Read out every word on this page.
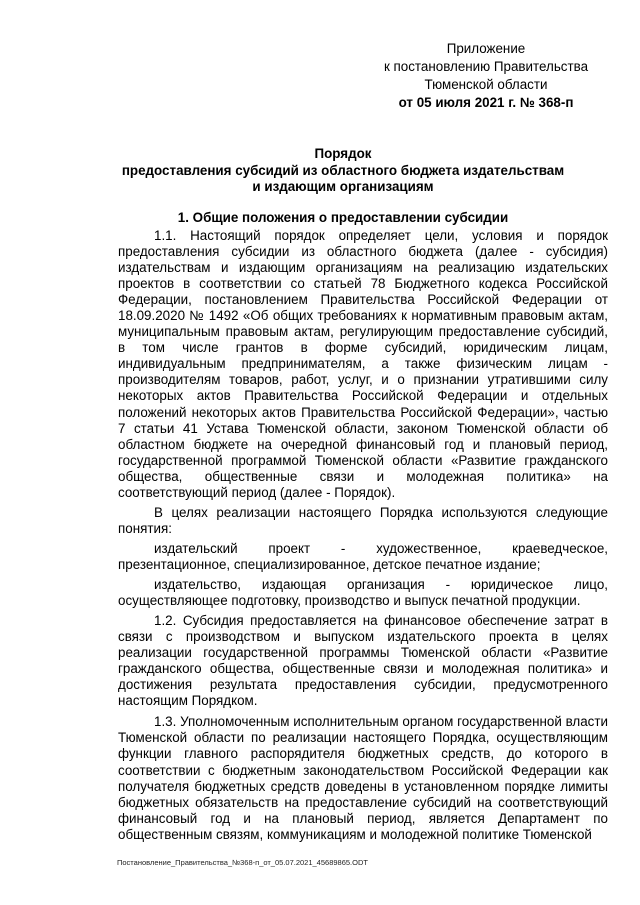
Приложение
к постановлению Правительства
Тюменской области
от 05 июля 2021 г. № 368-п
Порядок
предоставления субсидий из областного бюджета издательствам
и издающим организациям
1. Общие положения о предоставлении субсидии

1.1. Настоящий порядок определяет цели, условия и порядок предоставления субсидии из областного бюджета (далее - субсидия) издательствам и издающим организациям на реализацию издательских проектов в соответствии со статьей 78 Бюджетного кодекса Российской Федерации, постановлением Правительства Российской Федерации от 18.09.2020 № 1492 «Об общих требованиях к нормативным правовым актам, муниципальным правовым актам, регулирующим предоставление субсидий, в том числе грантов в форме субсидий, юридическим лицам, индивидуальным предпринимателям, а также физическим лицам - производителям товаров, работ, услуг, и о признании утратившими силу некоторых актов Правительства Российской Федерации и отдельных положений некоторых актов Правительства Российской Федерации», частью 7 статьи 41 Устава Тюменской области, законом Тюменской области об областном бюджете на очередной финансовый год и плановый период, государственной программой Тюменской области «Развитие гражданского общества, общественные связи и молодежная политика» на соответствующий период (далее - Порядок).

В целях реализации настоящего Порядка используются следующие понятия:

издательский проект - художественное, краеведческое, презентационное, специализированное, детское печатное издание;

издательство, издающая организация - юридическое лицо, осуществляющее подготовку, производство и выпуск печатной продукции.

1.2. Субсидия предоставляется на финансовое обеспечение затрат в связи с производством и выпуском издательского проекта в целях реализации государственной программы Тюменской области «Развитие гражданского общества, общественные связи и молодежная политика» и достижения результата предоставления субсидии, предусмотренного настоящим Порядком.

1.3. Уполномоченным исполнительным органом государственной власти Тюменской области по реализации настоящего Порядка, осуществляющим функции главного распорядителя бюджетных средств, до которого в соответствии с бюджетным законодательством Российской Федерации как получателя бюджетных средств доведены в установленном порядке лимиты бюджетных обязательств на предоставление субсидий на соответствующий финансовый год и на плановый период, является Департамент по общественным связям, коммуникациям и молодежной политике Тюменской

Постановление_Правительства_№368-п_от_05.07.2021_45689865.ODT
